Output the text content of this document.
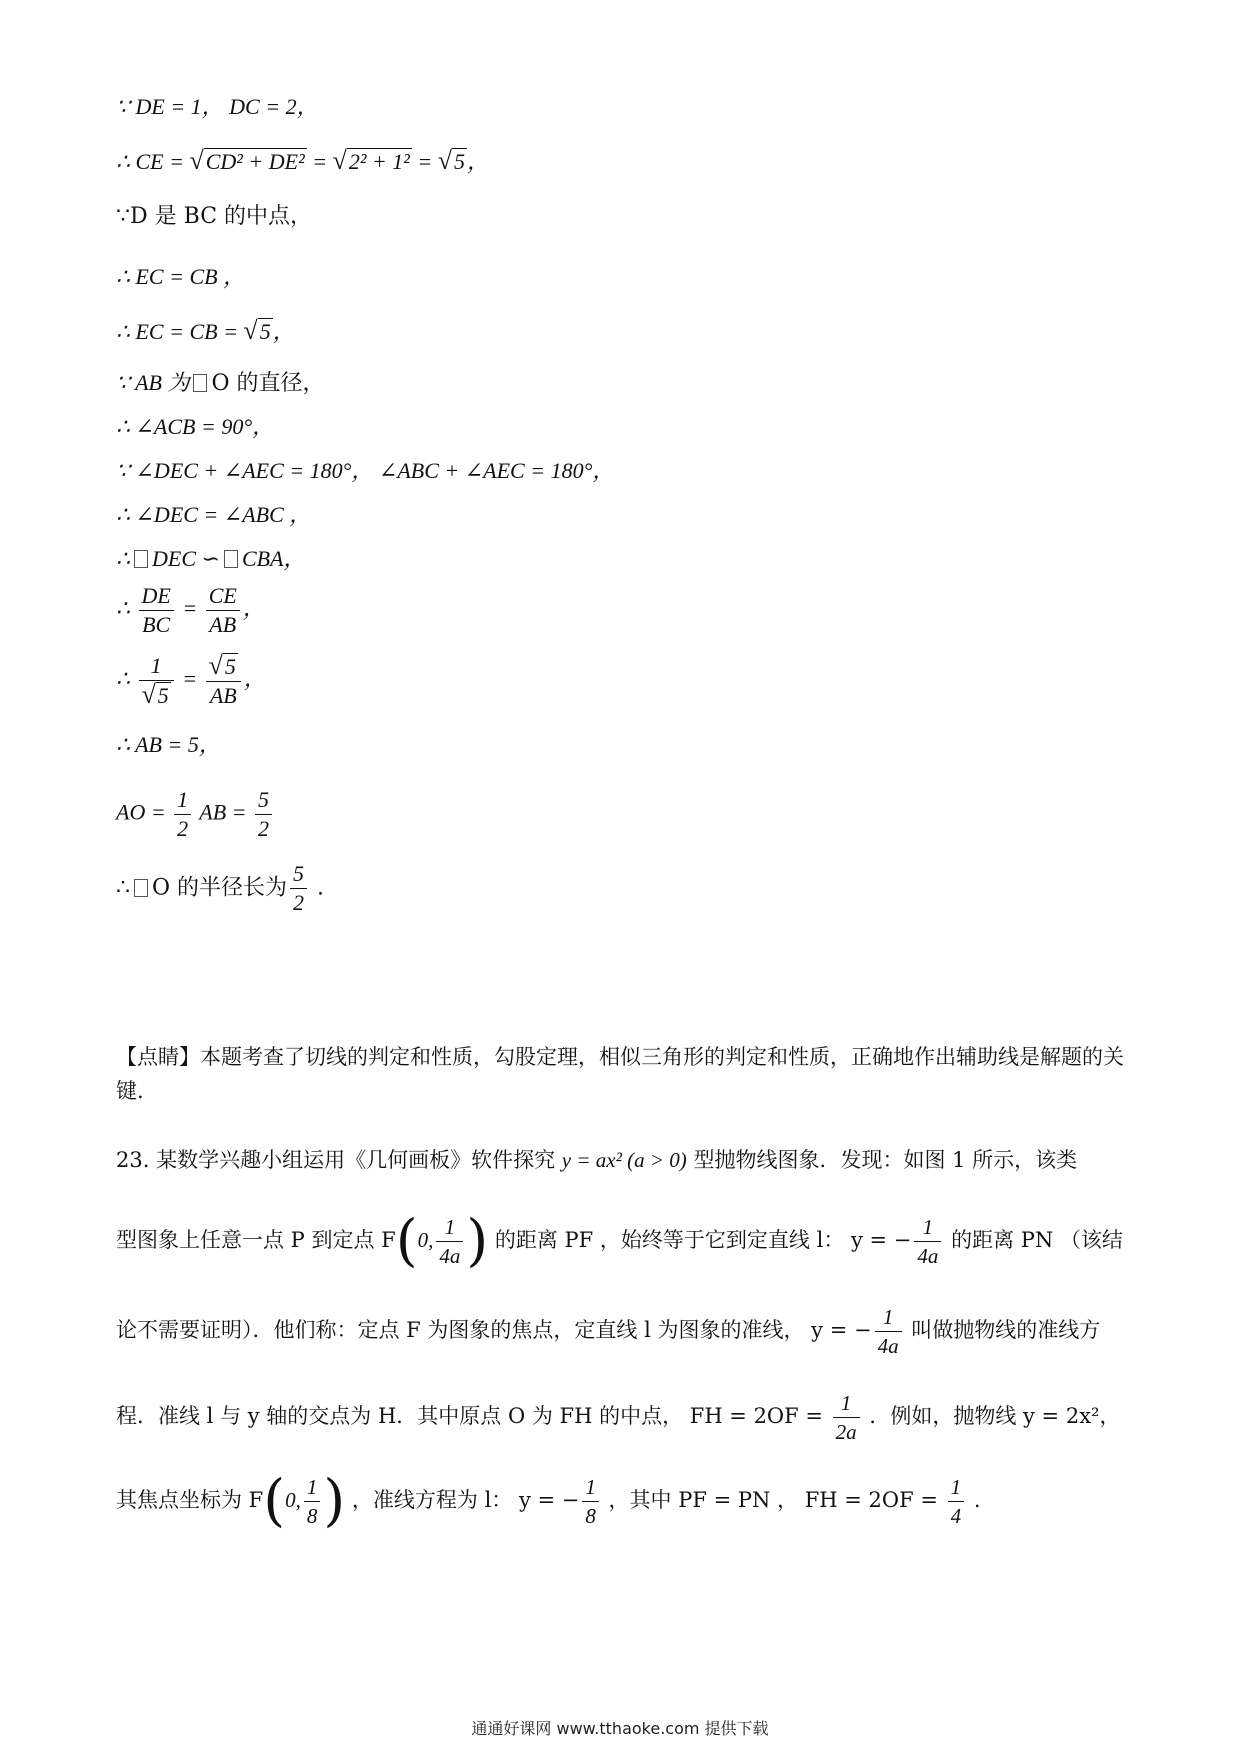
∵ DE = 1， DC = 2，
∴ CE = √CD² + DE² = √2² + 1² = √5，
∵D 是 BC 的中点，
∴ EC = CB ，
∴ EC = CB = √5，
∵ AB 为 O 的直径，
∴ ∠ACB = 90°，
∵ ∠DEC + ∠AEC = 180°， ∠ABC + ∠AEC = 180°，
∴ ∠DEC = ∠ABC ，
∴ DEC ∽ CBA，
∴ $\frac{DE}{BC} = \frac{CE}{AB}$ ，
∴ $\frac{1}{√5} = \frac{√5}{AB}$ ，
∴ AB = 5，
AO = $\frac{1}{2}$ AB = $\frac{5}{2}$
∴ O 的半径长为 $\frac{5}{2}$ .
【点睛】本题考查了切线的判定和性质，勾股定理，相似三角形的判定和性质，正确地作出辅助线是解题的关键.
23. 某数学兴趣小组运用《几何画板》软件探究 y = ax² (a > 0) 型抛物线图象．发现：如图 1 所示，该类
型图象上任意一点 P 到定点 F(0, $\frac{1}{4a}$ ) 的距离 PF ，始终等于它到定直线 l： y = − $\frac{1}{4a}$ 的距离 PN （该结
论不需要证明）．他们称：定点 F 为图象的焦点，定直线 l 为图象的准线， y = − $\frac{1}{4a}$ 叫做抛物线的准线方
程．准线 l 与 y 轴的交点为 H．其中原点 O 为 FH 的中点， FH = $2OF = \frac{1}{2a}$ ．例如，抛物线 y = 2x²，
其焦点坐标为 F(0, $\frac{1}{8}$ ) ，准线方程为 l： y = − $\frac{1}{8}$ ，其中 PF = PN ， FH = $2OF = \frac{1}{4}$ .
通通好课网 www.tthaoke.com 提供下载
